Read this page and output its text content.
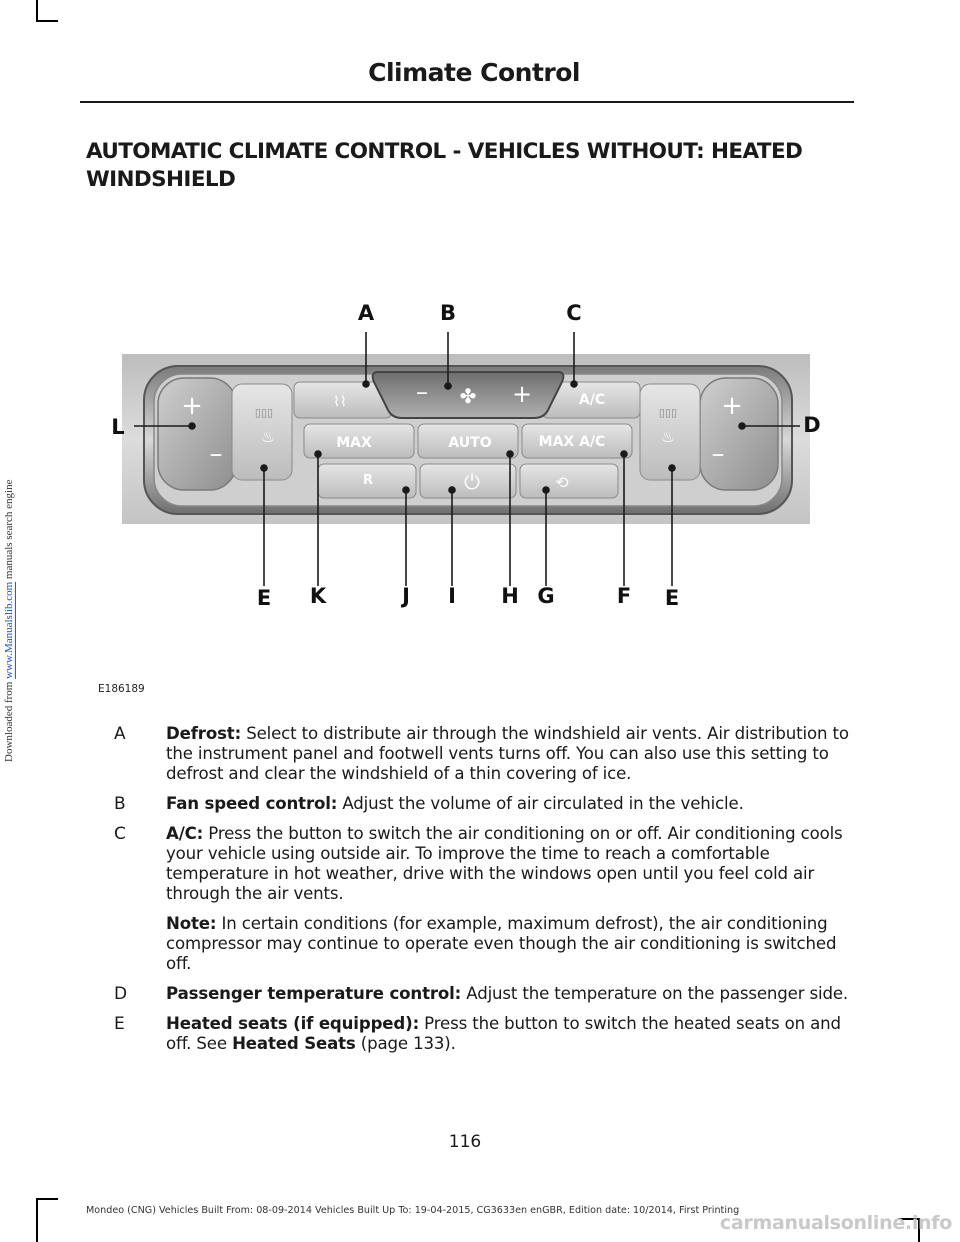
Downloaded from www.Manualslib.com manuals search engine
Climate Control
AUTOMATIC CLIMATE CONTROL - VEHICLES WITHOUT: HEATED WINDSHIELD
+
–
▯▯▯
♨
+
–
▯▯▯
♨
⌇⌇	A/C
– ✤ +
MAX	AUTO	MAX A/C
R	⏻	⟲
A	B	C
L	D
E K	J I H G	F E
E186189
A	Defrost: Select to distribute air through the windshield air vents. Air distribution to the instrument panel and footwell vents turns off. You can also use this setting to defrost and clear the windshield of a thin covering of ice.
B	Fan speed control: Adjust the volume of air circulated in the vehicle.
C	A/C: Press the button to switch the air conditioning on or off. Air conditioning cools your vehicle using outside air. To improve the time to reach a comfortable temperature in hot weather, drive with the windows open until you feel cold air through the air vents.
Note: In certain conditions (for example, maximum defrost), the air conditioning compressor may continue to operate even though the air conditioning is switched off.
D	Passenger temperature control: Adjust the temperature on the passenger side.
E	Heated seats (if equipped): Press the button to switch the heated seats on and off. See Heated Seats (page 133).
116
Mondeo (CNG) Vehicles Built From: 08-09-2014 Vehicles Built Up To: 19-04-2015, CG3633en enGBR, Edition date: 10/2014, First Printing
carmanualsonline.info
